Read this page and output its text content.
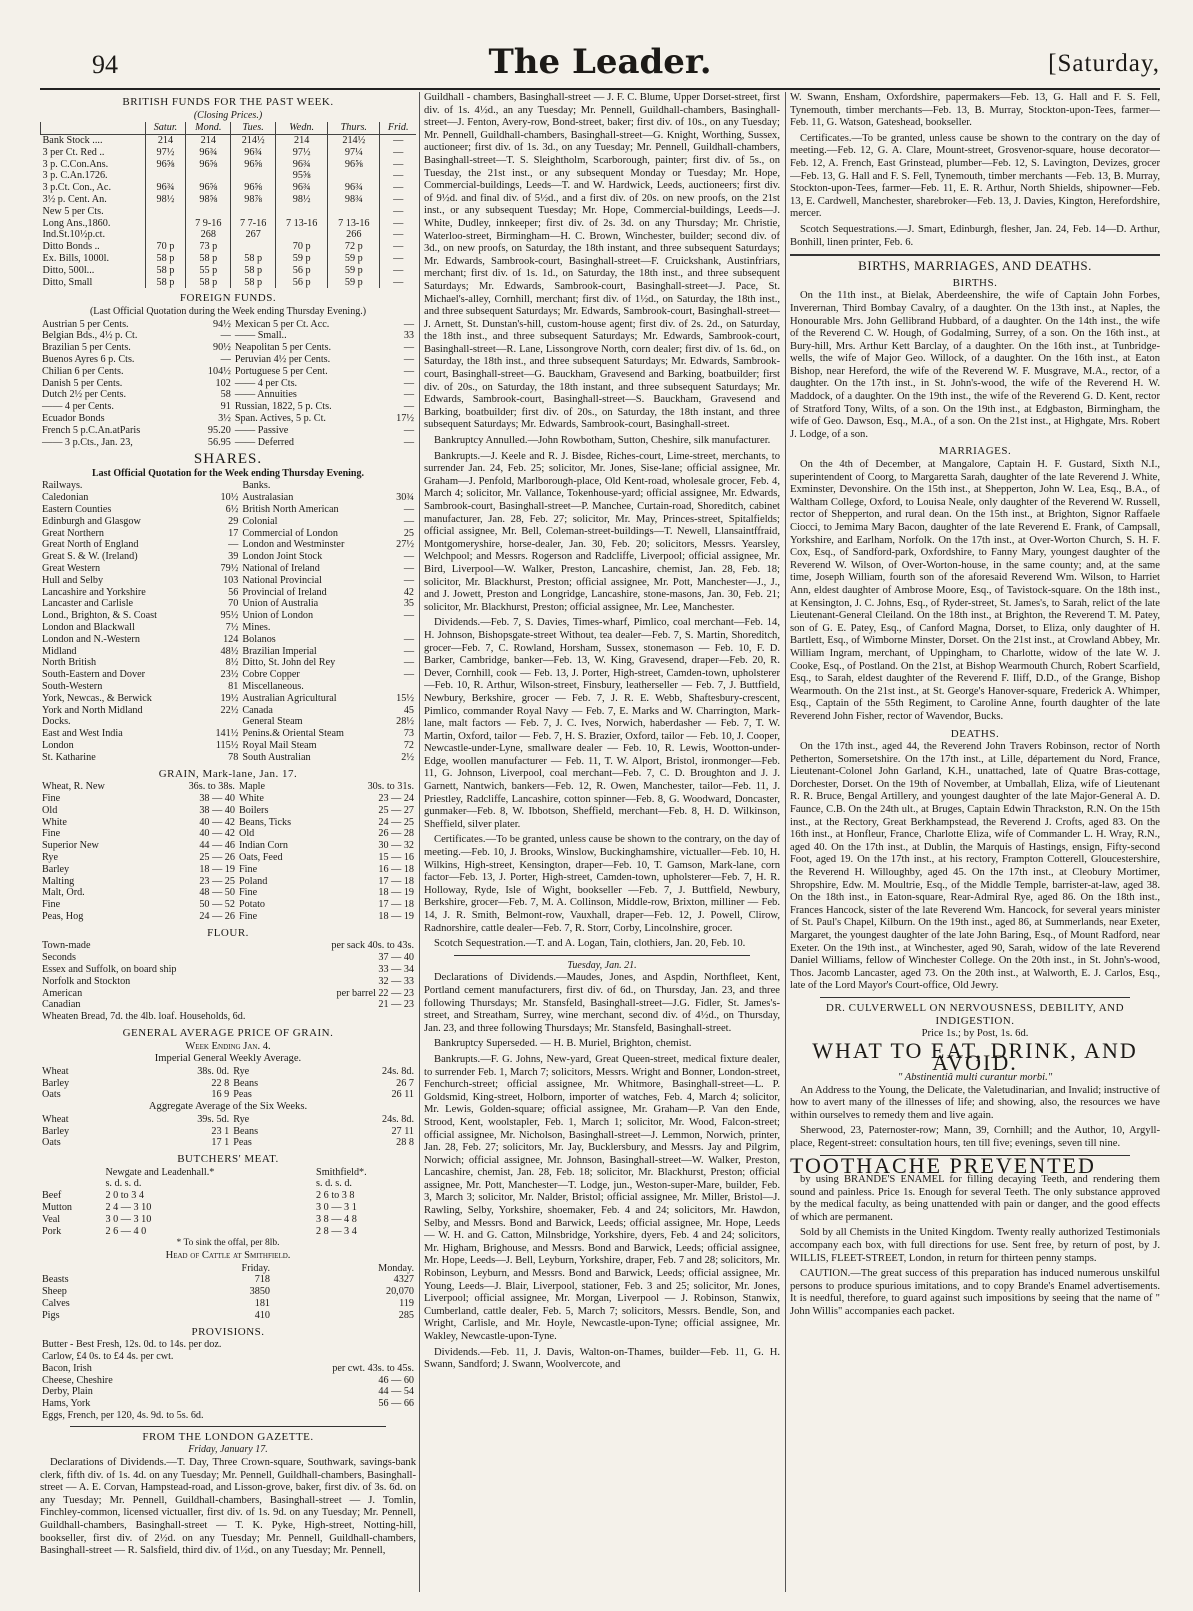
94	The Leader.	[Saturday,
BRITISH FUNDS FOR THE PAST WEEK.
(Closing Prices.)
	Satur.	Mond.	Tues.	Wedn.	Thurs.	Frid.
Bank Stock ....	214	214	214½	214	214½	—
3 per Ct. Red ..	97½	96¾	96¾	97½	97¼	—
3 p. C.Con.Ans.	96⅝	96⅝	96⅝	96¾	96⅝	—
3 p. C.An.1726.				95⅝		—
3 p.Ct. Con., Ac.	96¾	96⅝	96⅝	96¾	96¾	—
3½ p. Cent. An.	98½	98⅝	98⅞	98½	98¾	—
New 5 per Cts.						—
Long Ans.,1860.		7 9-16	7 7-16	7 13-16	7 13-16	—
Ind.St.10½p.ct.		268	267		266	—
Ditto Bonds ..	70 p	73 p		70 p	72 p	—
Ex. Bills, 1000l.	58 p	58 p	58 p	59 p	59 p	—
Ditto, 500l...	58 p	55 p	58 p	56 p	59 p	—
Ditto, Small	58 p	58 p	58 p	56 p	59 p	—
FOREIGN FUNDS.
(Last Official Quotation during the Week ending Thursday Evening.)
Austrian 5 per Cents.	94½	Mexican 5 per Ct. Acc.	—
Belgian Bds., 4½ p. Ct.	—	—— Small..	33
Brazilian 5 per Cents.	90½	Neapolitan 5 per Cents.	—
Buenos Ayres 6 p. Cts.	—	Peruvian 4½ per Cents.	—
Chilian 6 per Cents.	104½	Portuguese 5 per Cent.	—
Danish 5 per Cents.	102	—— 4 per Cts.	—
Dutch 2½ per Cents.	58	—— Annuities	—
—— 4 per Cents.	91	Russian, 1822, 5 p. Cts.	—
Ecuador Bonds	3½	Span. Actives, 5 p. Ct.	17½
French 5 p.C.An.atParis	95.20	—— Passive	—
—— 3 p.Cts., Jan. 23,	56.95	—— Deferred	—
SHARES.
Last Official Quotation for the Week ending Thursday Evening.
Railways.		Banks.	
Caledonian	10½	Australasian	30¾
Eastern Counties	6½	British North American	—
Edinburgh and Glasgow	29	Colonial	—
Great Northern	17	Commercial of London	25
Great North of England	—	London and Westminster	27½
Great S. & W. (Ireland)	39	London Joint Stock	—
Great Western	79½	National of Ireland	—
Hull and Selby	103	National Provincial	—
Lancashire and Yorkshire	56	Provincial of Ireland	42
Lancaster and Carlisle	70	Union of Australia	35
Lond., Brighton, & S. Coast	95½	Union of London	—
London and Blackwall	7½	Mines.	
London and N.-Western	124	Bolanos	—
Midland	48½	Brazilian Imperial	—
North British	8½	Ditto, St. John del Rey	—
South-Eastern and Dover	23½	Cobre Copper	—
South-Western	81	Miscellaneous.	
York, Newcas., & Berwick	19½	Australian Agricultural	15½
York and North Midland	22½	Canada	45
Docks.		General Steam	28½
East and West India	141½	Penins.& Oriental Steam	73
London	115½	Royal Mail Steam	72
St. Katharine	78	South Australian	2½
GRAIN, Mark-lane, Jan. 17.
Wheat, R. New	36s. to 38s.	Maple	30s. to 31s.
Fine	38 — 40	White	23 — 24
Old	38 — 40	Boilers	25 — 27
White	40 — 42	Beans, Ticks	24 — 25
Fine	40 — 42	Old	26 — 28
Superior New	44 — 46	Indian Corn	30 — 32
Rye	25 — 26	Oats, Feed	15 — 16
Barley	18 — 19	Fine	16 — 18
Malting	23 — 25	Poland	17 — 18
Malt, Ord.	48 — 50	Fine	18 — 19
Fine	50 — 52	Potato	17 — 18
Peas, Hog	24 — 26	Fine	18 — 19
FLOUR.
Town-made	per sack 40s. to 43s.
Seconds	37 — 40
Essex and Suffolk, on board ship	33 — 34
Norfolk and Stockton	32 — 33
American	per barrel 22 — 23
Canadian	21 — 23
Wheaten Bread, 7d. the 4lb. loaf. Households, 6d.	
GENERAL AVERAGE PRICE OF GRAIN.
Week Ending Jan. 4.
Imperial General Weekly Average.
Wheat	38s. 0d.	Rye	24s. 8d.
Barley	22 8	Beans	26 7
Oats	16 9	Peas	26 11
Aggregate Average of the Six Weeks.
Wheat	39s. 5d.	Rye	24s. 8d.
Barley	23 1	Beans	27 11
Oats	17 1	Peas	28 8
BUTCHERS' MEAT.
	Newgate and Leadenhall.*	Smithfield*.
	s. d. s. d.	s. d. s. d.
Beef	2 0 to 3 4	2 6 to 3 8
Mutton	2 4 — 3 10	3 0 — 3 1
Veal	3 0 — 3 10	3 8 — 4 8
Pork	2 6 — 4 0	2 8 — 3 4
* To sink the offal, per 8lb.
Head of Cattle at Smithfield.
	Friday.	Monday.
Beasts	718	4327
Sheep	3850	20,070
Calves	181	119
Pigs	410	285
PROVISIONS.
Butter - Best Fresh, 12s. 0d. to 14s. per doz.	
Carlow, £4 0s. to £4 4s. per cwt.	
Bacon, Irish	per cwt. 43s. to 45s.
Cheese, Cheshire	46 — 60
Derby, Plain	44 — 54
Hams, York	56 — 66
Eggs, French, per 120, 4s. 9d. to 5s. 6d.	
FROM THE LONDON GAZETTE.
Friday, January 17.

Declarations of Dividends.—T. Day, Three Crown-square, Southwark, savings-bank clerk, fifth div. of 1s. 4d. on any Tuesday; Mr. Pennell, Guildhall-chambers, Basinghall-street — A. E. Corvan, Hampstead-road, and Lisson-grove, baker, first div. of 3s. 6d. on any Tuesday; Mr. Pennell, Guildhall-chambers, Basinghall-street — J. Tomlin, Finchley-common, licensed victualler, first div. of 1s. 9d. on any Tuesday; Mr. Pennell, Guildhall-chambers, Basinghall-street — T. K. Pyke, High-street, Notting-hill, bookseller, first div. of 2½d. on any Tuesday; Mr. Pennell, Guildhall-chambers, Basinghall-street — R. Salsfield, third div. of 1½d., on any Tuesday; Mr. Pennell,

Guildhall - chambers, Basinghall-street — J. F. C. Blume, Upper Dorset-street, first div. of 1s. 4½d., an any Tuesday; Mr. Pennell, Guildhall-chambers, Basinghall-street—J. Fenton, Avery-row, Bond-street, baker; first div. of 10s., on any Tuesday; Mr. Pennell, Guildhall-chambers, Basinghall-street—G. Knight, Worthing, Sussex, auctioneer; first div. of 1s. 3d., on any Tuesday; Mr. Pennell, Guildhall-chambers, Basinghall-street—T. S. Sleightholm, Scarborough, painter; first div. of 5s., on Tuesday, the 21st inst., or any subsequent Monday or Tuesday; Mr. Hope, Commercial-buildings, Leeds—T. and W. Hardwick, Leeds, auctioneers; first div. of 9½d. and final div. of 5½d., and a first div. of 20s. on new proofs, on the 21st inst., or any subsequent Tuesday; Mr. Hope, Commercial-buildings, Leeds—J. White, Dudley, innkeeper; first div. of 2s. 3d. on any Thursday; Mr. Christie, Waterloo-street, Birmingham—H. C. Brown, Winchester, builder; second div. of 3d., on new proofs, on Saturday, the 18th instant, and three subsequent Saturdays; Mr. Edwards, Sambrook-court, Basinghall-street—F. Cruickshank, Austinfriars, merchant; first div. of 1s. 1d., on Saturday, the 18th inst., and three subsequent Saturdays; Mr. Edwards, Sambrook-court, Basinghall-street—J. Pace, St. Michael's-alley, Cornhill, merchant; first div. of 1½d., on Saturday, the 18th inst., and three subsequent Saturdays; Mr. Edwards, Sambrook-court, Basinghall-street—J. Arnett, St. Dunstan's-hill, custom-house agent; first div. of 2s. 2d., on Saturday, the 18th inst., and three subsequent Saturdays; Mr. Edwards, Sambrook-court, Basinghall-street—R. Lane, Lissongrove North, corn dealer; first div. of 1s. 6d., on Saturday, the 18th inst., and three subsequent Saturdays; Mr. Edwards, Sambrook-court, Basinghall-street—G. Bauckham, Gravesend and Barking, boatbuilder; first div. of 20s., on Saturday, the 18th instant, and three subsequent Saturdays; Mr. Edwards, Sambrook-court, Basinghall-street—S. Bauckham, Gravesend and Barking, boatbuilder; first div. of 20s., on Saturday, the 18th instant, and three subsequent Saturdays; Mr. Edwards, Sambrook-court, Basinghall-street.

Bankruptcy Annulled.—John Rowbotham, Sutton, Cheshire, silk manufacturer.

Bankrupts.—J. Keele and R. J. Bisdee, Riches-court, Lime-street, merchants, to surrender Jan. 24, Feb. 25; solicitor, Mr. Jones, Sise-lane; official assignee, Mr. Graham—J. Penfold, Marlborough-place, Old Kent-road, wholesale grocer, Feb. 4, March 4; solicitor, Mr. Vallance, Tokenhouse-yard; official assignee, Mr. Edwards, Sambrook-court, Basinghall-street—P. Manchee, Curtain-road, Shoreditch, cabinet manufacturer, Jan. 28, Feb. 27; solicitor, Mr. May, Princes-street, Spitalfields; official assignee, Mr. Bell, Coleman-street-buildings—T. Newell, Llansaintffraid, Montgomeryshire, horse-dealer, Jan. 30, Feb. 20; solicitors, Messrs. Yearsley, Welchpool; and Messrs. Rogerson and Radcliffe, Liverpool; official assignee, Mr. Bird, Liverpool—W. Walker, Preston, Lancashire, chemist, Jan. 28, Feb. 18; solicitor, Mr. Blackhurst, Preston; official assignee, Mr. Pott, Manchester—J., J., and J. Jowett, Preston and Longridge, Lancashire, stone-masons, Jan. 30, Feb. 21; solicitor, Mr. Blackhurst, Preston; official assignee, Mr. Lee, Manchester.

Dividends.—Feb. 7, S. Davies, Times-wharf, Pimlico, coal merchant—Feb. 14, H. Johnson, Bishopsgate-street Without, tea dealer—Feb. 7, S. Martin, Shoreditch, grocer—Feb. 7, C. Rowland, Horsham, Sussex, stonemason — Feb. 10, F. D. Barker, Cambridge, banker—Feb. 13, W. King, Gravesend, draper—Feb. 20, R. Dever, Cornhill, cook — Feb. 13, J. Porter, High-street, Camden-town, upholsterer—Feb. 10, R. Arthur, Wilson-street, Finsbury, leatherseller — Feb. 7, J. Buttfield, Newbury, Berkshire, grocer — Feb. 7, J. R. E. Webb, Shaftesbury-crescent, Pimlico, commander Royal Navy — Feb. 7, E. Marks and W. Charrington, Mark-lane, malt factors — Feb. 7, J. C. Ives, Norwich, haberdasher — Feb. 7, T. W. Martin, Oxford, tailor — Feb. 7, H. S. Brazier, Oxford, tailor — Feb. 10, J. Cooper, Newcastle-under-Lyne, smallware dealer — Feb. 10, R. Lewis, Wootton-under-Edge, woollen manufacturer — Feb. 11, T. W. Alport, Bristol, ironmonger—Feb. 11, G. Johnson, Liverpool, coal merchant—Feb. 7, C. D. Broughton and J. J. Garnett, Nantwich, bankers—Feb. 12, R. Owen, Manchester, tailor—Feb. 11, J. Priestley, Radcliffe, Lancashire, cotton spinner—Feb. 8, G. Woodward, Doncaster, gunmaker—Feb. 8, W. Ibbotson, Sheffield, merchant—Feb. 8, H. D. Wilkinson, Sheffield, silver plater.

Certificates.—To be granted, unless cause be shown to the contrary, on the day of meeting.—Feb. 10, J. Brooks, Winslow, Buckinghamshire, victualler—Feb. 10, H. Wilkins, High-street, Kensington, draper—Feb. 10, T. Gamson, Mark-lane, corn factor—Feb. 13, J. Porter, High-street, Camden-town, upholsterer—Feb. 7, H. R. Holloway, Ryde, Isle of Wight, bookseller —Feb. 7, J. Buttfield, Newbury, Berkshire, grocer—Feb. 7, M. A. Collinson, Middle-row, Brixton, milliner — Feb. 14, J. R. Smith, Belmont-row, Vauxhall, draper—Feb. 12, J. Powell, Clirow, Radnorshire, cattle dealer—Feb. 7, R. Storr, Corby, Lincolnshire, grocer.

Scotch Sequestration.—T. and A. Logan, Tain, clothiers, Jan. 20, Feb. 10.

Tuesday, Jan. 21.

Declarations of Dividends.—Maudes, Jones, and Aspdin, Northfleet, Kent, Portland cement manufacturers, first div. of 6d., on Thursday, Jan. 23, and three following Thursdays; Mr. Stansfeld, Basinghall-street—J.G. Fidler, St. James's-street, and Streatham, Surrey, wine merchant, second div. of 4½d., on Thursday, Jan. 23, and three following Thursdays; Mr. Stansfeld, Basinghall-street.

Bankruptcy Superseded. — H. B. Muriel, Brighton, chemist.

Bankrupts.—F. G. Johns, New-yard, Great Queen-street, medical fixture dealer, to surrender Feb. 1, March 7; solicitors, Messrs. Wright and Bonner, London-street, Fenchurch-street; official assignee, Mr. Whitmore, Basinghall-street—L. P. Goldsmid, King-street, Holborn, importer of watches, Feb. 4, March 4; solicitor, Mr. Lewis, Golden-square; official assignee, Mr. Graham—P. Van den Ende, Strood, Kent, woolstapler, Feb. 1, March 1; solicitor, Mr. Wood, Falcon-street; official assignee, Mr. Nicholson, Basinghall-street—J. Lemmon, Norwich, printer, Jan. 28, Feb. 27; solicitors, Mr. Jay, Bucklersbury, and Messrs. Jay and Pilgrim, Norwich; official assignee, Mr. Johnson, Basinghall-street—W. Walker, Preston, Lancashire, chemist, Jan. 28, Feb. 18; solicitor, Mr. Blackhurst, Preston; official assignee, Mr. Pott, Manchester—T. Lodge, jun., Weston-super-Mare, builder, Feb. 3, March 3; solicitor, Mr. Nalder, Bristol; official assignee, Mr. Miller, Bristol—J. Rawling, Selby, Yorkshire, shoemaker, Feb. 4 and 24; solicitors, Mr. Hawdon, Selby, and Messrs. Bond and Barwick, Leeds; official assignee, Mr. Hope, Leeds — W. H. and G. Catton, Milnsbridge, Yorkshire, dyers, Feb. 4 and 24; solicitors, Mr. Higham, Brighouse, and Messrs. Bond and Barwick, Leeds; official assignee, Mr. Hope, Leeds—J. Bell, Leyburn, Yorkshire, draper, Feb. 7 and 28; solicitors, Mr. Robinson, Leyburn, and Messrs. Bond and Barwick, Leeds; official assignee, Mr. Young, Leeds—J. Blair, Liverpool, stationer, Feb. 3 and 25; solicitor, Mr. Jones, Liverpool; official assignee, Mr. Morgan, Liverpool — J. Robinson, Stanwix, Cumberland, cattle dealer, Feb. 5, March 7; solicitors, Messrs. Bendle, Son, and Wright, Carlisle, and Mr. Hoyle, Newcastle-upon-Tyne; official assignee, Mr. Wakley, Newcastle-upon-Tyne.

Dividends.—Feb. 11, J. Davis, Walton-on-Thames, builder—Feb. 11, G. H. Swann, Sandford; J. Swann, Woolvercote, and

W. Swann, Ensham, Oxfordshire, papermakers—Feb. 13, G. Hall and F. S. Fell, Tynemouth, timber merchants—Feb. 13, B. Murray, Stockton-upon-Tees, farmer—Feb. 11, G. Watson, Gateshead, bookseller.

Certificates.—To be granted, unless cause be shown to the contrary on the day of meeting.—Feb. 12, G. A. Clare, Mount-street, Grosvenor-square, house decorator—Feb. 12, A. French, East Grinstead, plumber—Feb. 12, S. Lavington, Devizes, grocer —Feb. 13, G. Hall and F. S. Fell, Tynemouth, timber merchants —Feb. 13, B. Murray, Stockton-upon-Tees, farmer—Feb. 11, E. R. Arthur, North Shields, shipowner—Feb. 13, E. Cardwell, Manchester, sharebroker—Feb. 13, J. Davies, Kington, Herefordshire, mercer.

Scotch Sequestrations.—J. Smart, Edinburgh, flesher, Jan. 24, Feb. 14—D. Arthur, Bonhill, linen printer, Feb. 6.

BIRTHS, MARRIAGES, AND DEATHS.
BIRTHS.

On the 11th inst., at Bielak, Aberdeenshire, the wife of Captain John Forbes, Inverernan, Third Bombay Cavalry, of a daughter. On the 13th inst., at Naples, the Honourable Mrs. John Gellibrand Hubbard, of a daughter. On the 14th inst., the wife of the Reverend C. W. Hough, of Godalming, Surrey, of a son. On the 16th inst., at Bury-hill, Mrs. Arthur Kett Barclay, of a daughter. On the 16th inst., at Tunbridge-wells, the wife of Major Geo. Willock, of a daughter. On the 16th inst., at Eaton Bishop, near Hereford, the wife of the Reverend W. F. Musgrave, M.A., rector, of a daughter. On the 17th inst., in St. John's-wood, the wife of the Reverend H. W. Maddock, of a daughter. On the 19th inst., the wife of the Reverend G. D. Kent, rector of Stratford Tony, Wilts, of a son. On the 19th inst., at Edgbaston, Birmingham, the wife of Geo. Dawson, Esq., M.A., of a son. On the 21st inst., at Highgate, Mrs. Robert J. Lodge, of a son.

MARRIAGES.

On the 4th of December, at Mangalore, Captain H. F. Gustard, Sixth N.I., superintendent of Coorg, to Margaretta Sarah, daughter of the late Reverend J. White, Exminster, Devonshire. On the 15th inst., at Shepperton, John W. Lea, Esq., B.A., of Waltham College, Oxford, to Louisa Neale, only daughter of the Reverend W. Russell, rector of Shepperton, and rural dean. On the 15th inst., at Brighton, Signor Raffaele Ciocci, to Jemima Mary Bacon, daughter of the late Reverend E. Frank, of Campsall, Yorkshire, and Earlham, Norfolk. On the 17th inst., at Over-Worton Church, S. H. F. Cox, Esq., of Sandford-park, Oxfordshire, to Fanny Mary, youngest daughter of the Reverend W. Wilson, of Over-Worton-house, in the same county; and, at the same time, Joseph William, fourth son of the aforesaid Reverend Wm. Wilson, to Harriet Ann, eldest daughter of Ambrose Moore, Esq., of Tavistock-square. On the 18th inst., at Kensington, J. C. Johns, Esq., of Ryder-street, St. James's, to Sarah, relict of the late Lieutenant-General Cleiland. On the 18th inst., at Brighton, the Reverend T. M. Patey, son of G. E. Patey, Esq., of Canford Magna, Dorset, to Eliza, only daughter of H. Bartlett, Esq., of Wimborne Minster, Dorset. On the 21st inst., at Crowland Abbey, Mr. William Ingram, merchant, of Uppingham, to Charlotte, widow of the late W. J. Cooke, Esq., of Postland. On the 21st, at Bishop Wearmouth Church, Robert Scarfield, Esq., to Sarah, eldest daughter of the Reverend F. Iliff, D.D., of the Grange, Bishop Wearmouth. On the 21st inst., at St. George's Hanover-square, Frederick A. Whimper, Esq., Captain of the 55th Regiment, to Caroline Anne, fourth daughter of the late Reverend John Fisher, rector of Wavendor, Bucks.

DEATHS.

On the 17th inst., aged 44, the Reverend John Travers Robinson, rector of North Petherton, Somersetshire. On the 17th inst., at Lille, département du Nord, France, Lieutenant-Colonel John Garland, K.H., unattached, late of Quatre Bras-cottage, Dorchester, Dorset. On the 19th of November, at Umballah, Eliza, wife of Lieutenant R. R. Bruce, Bengal Artillery, and youngest daughter of the late Major-General A. D. Faunce, C.B. On the 24th ult., at Bruges, Captain Edwin Thrackston, R.N. On the 15th inst., at the Rectory, Great Berkhampstead, the Reverend J. Crofts, aged 83. On the 16th inst., at Honfleur, France, Charlotte Eliza, wife of Commander L. H. Wray, R.N., aged 40. On the 17th inst., at Dublin, the Marquis of Hastings, ensign, Fifty-second Foot, aged 19. On the 17th inst., at his rectory, Frampton Cotterell, Gloucestershire, the Reverend H. Willoughby, aged 45. On the 17th inst., at Cleobury Mortimer, Shropshire, Edw. M. Moultrie, Esq., of the Middle Temple, barrister-at-law, aged 38. On the 18th inst., in Eaton-square, Rear-Admiral Rye, aged 86. On the 18th inst., Frances Hancock, sister of the late Reverend Wm. Hancock, for several years minister of St. Paul's Chapel, Kilburn. On the 19th inst., aged 86, at Summerlands, near Exeter, Margaret, the youngest daughter of the late John Baring, Esq., of Mount Radford, near Exeter. On the 19th inst., at Winchester, aged 90, Sarah, widow of the late Reverend Daniel Williams, fellow of Winchester College. On the 20th inst., in St. John's-wood, Thos. Jacomb Lancaster, aged 73. On the 20th inst., at Walworth, E. J. Carlos, Esq., late of the Lord Mayor's Court-office, Old Jewry.

DR. CULVERWELL ON NERVOUSNESS, DEBILITY, AND INDIGESTION.
Price 1s.; by Post, 1s. 6d.
WHAT TO EAT, DRINK, AND AVOID.
" Abstinentiâ multi curantur morbi."

An Address to the Young, the Delicate, the Valetudinarian, and Invalid; instructive of how to avert many of the illnesses of life; and showing, also, the resources we have within ourselves to remedy them and live again.

Sherwood, 23, Paternoster-row; Mann, 39, Cornhill; and the Author, 10, Argyll-place, Regent-street: consultation hours, ten till five; evenings, seven till nine.

TOOTHACHE PREVENTED

by using BRANDE'S ENAMEL for filling decaying Teeth, and rendering them sound and painless. Price 1s. Enough for several Teeth. The only substance approved by the medical faculty, as being unattended with pain or danger, and the good effects of which are permanent.

Sold by all Chemists in the United Kingdom. Twenty really authorized Testimonials accompany each box, with full directions for use. Sent free, by return of post, by J. WILLIS, FLEET-STREET, London, in return for thirteen penny stamps.

CAUTION.—The great success of this preparation has induced numerous unskilful persons to produce spurious imitations, and to copy Brande's Enamel advertisements. It is needful, therefore, to guard against such impositions by seeing that the name of " John Willis" accompanies each packet.
